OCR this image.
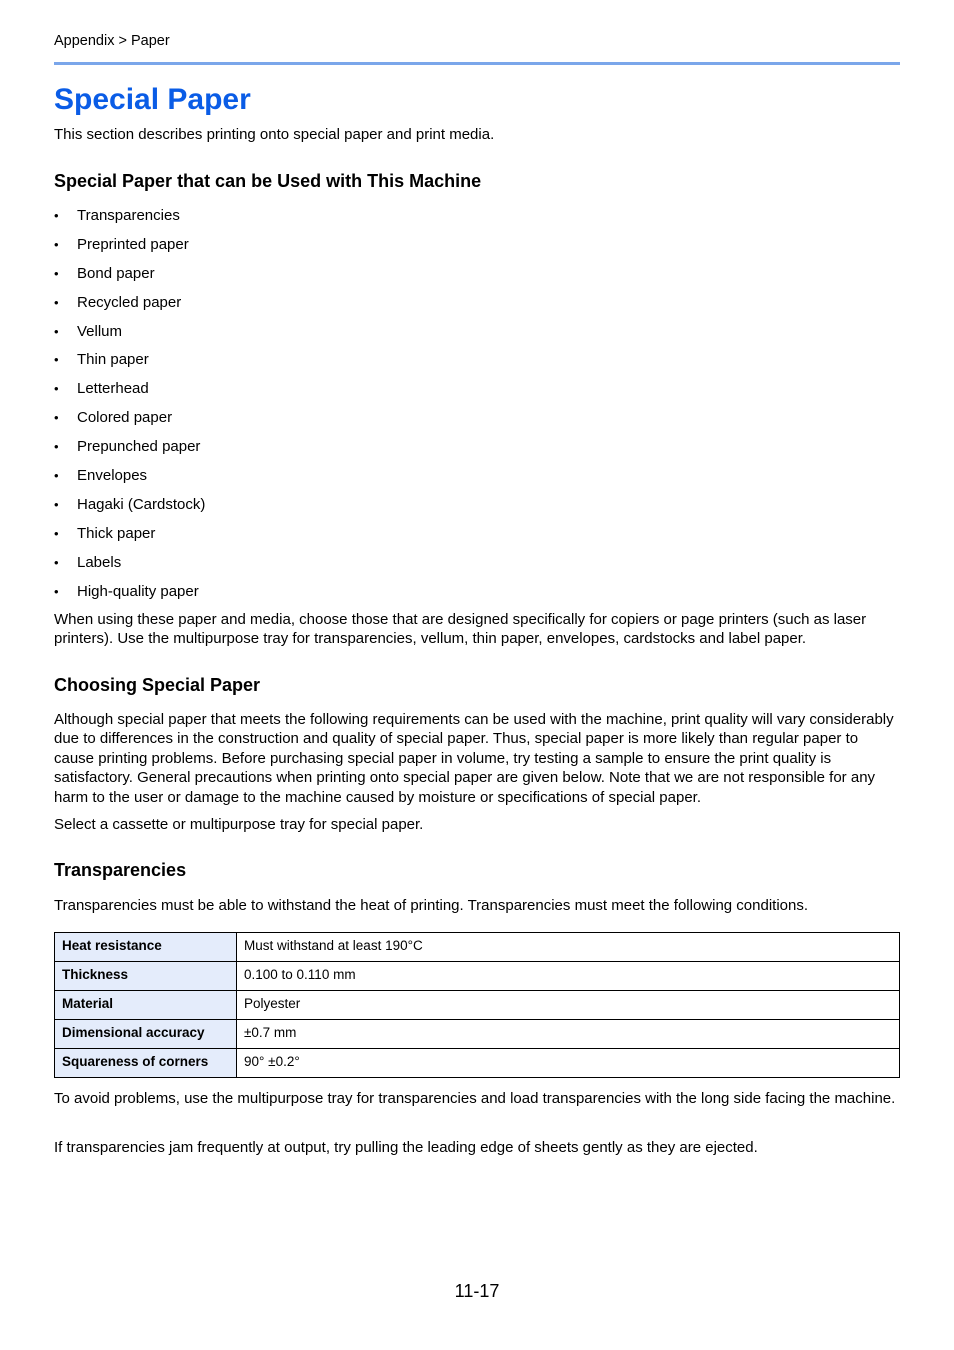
Appendix > Paper
Special Paper
This section describes printing onto special paper and print media.
Special Paper that can be Used with This Machine
• Transparencies
• Preprinted paper
• Bond paper
• Recycled paper
• Vellum
• Thin paper
• Letterhead
• Colored paper
• Prepunched paper
• Envelopes
• Hagaki (Cardstock)
• Thick paper
• Labels
• High-quality paper

When using these paper and media, choose those that are designed specifically for copiers or page printers (such as laser printers). Use the multipurpose tray for transparencies, vellum, thin paper, envelopes, cardstocks and label paper.

Choosing Special Paper

Although special paper that meets the following requirements can be used with the machine, print quality will vary considerably due to differences in the construction and quality of special paper. Thus, special paper is more likely than regular paper to cause printing problems. Before purchasing special paper in volume, try testing a sample to ensure the print quality is satisfactory. General precautions when printing onto special paper are given below. Note that we are not responsible for any harm to the user or damage to the machine caused by moisture or specifications of special paper.

Select a cassette or multipurpose tray for special paper.

Transparencies

Transparencies must be able to withstand the heat of printing. Transparencies must meet the following conditions.

Heat resistance	Must withstand at least 190°C
Thickness	0.100 to 0.110 mm
Material	Polyester
Dimensional accuracy	±0.7 mm
Squareness of corners	90° ±0.2°

To avoid problems, use the multipurpose tray for transparencies and load transparencies with the long side facing the machine.

If transparencies jam frequently at output, try pulling the leading edge of sheets gently as they are ejected.

11-17
